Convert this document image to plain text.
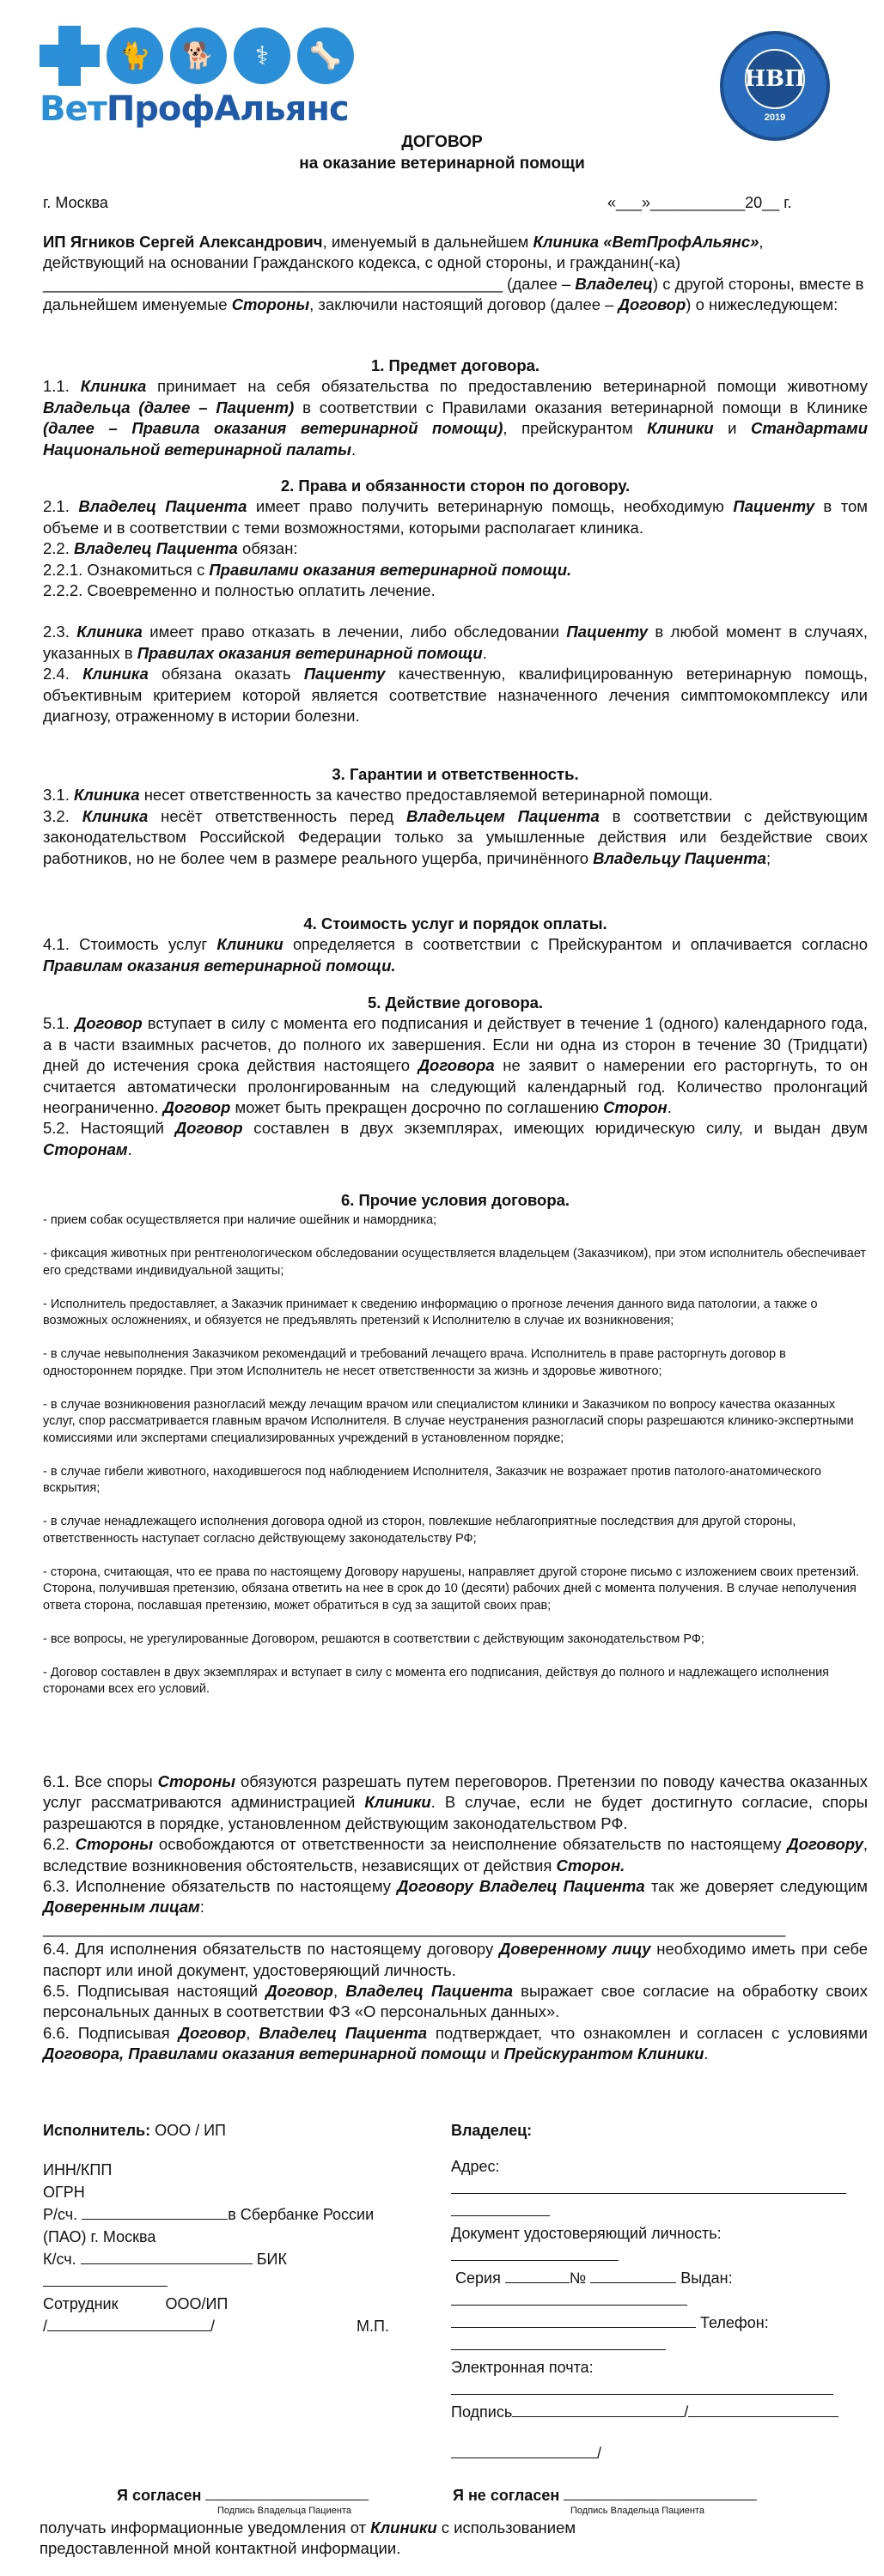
🐈	🐕	⚕	🦴
ВетПрофАльянс
НВП
2019
ДОГОВОР
на оказание ветеринарной помощи
г. Москва	«___»___________20__ г.

ИП Ягников Сергей Александрович, именуемый в дальнейшем Клиника «ВетПрофАльянс», действующий на основании Гражданского кодекса, с одной стороны, и гражданин(-ка) ____________________________________________________ (далее – Владелец) с другой стороны, вместе в дальнейшем именуемые Стороны, заключили настоящий договор (далее – Договор) о нижеследующем:

1. Предмет договора.

1.1. Клиника принимает на себя обязательства по предоставлению ветеринарной помощи животному Владельца (далее – Пациент) в соответствии с Правилами оказания ветеринарной помощи в Клинике (далее – Правила оказания ветеринарной помощи), прейскурантом Клиники и Стандартами Национальной ветеринарной палаты.

2. Права и обязанности сторон по договору.

2.1. Владелец Пациента имеет право получить ветеринарную помощь, необходимую Пациенту в том объеме и в соответствии с теми возможностями, которыми располагает клиника.

2.2. Владелец Пациента обязан:

2.2.1. Ознакомиться с Правилами оказания ветеринарной помощи.

2.2.2. Своевременно и полностью оплатить лечение.

2.3. Клиника имеет право отказать в лечении, либо обследовании Пациенту в любой момент в случаях, указанных в Правилах оказания ветеринарной помощи.

2.4. Клиника обязана оказать Пациенту качественную, квалифицированную ветеринарную помощь, объективным критерием которой является соответствие назначенного лечения симптомокомплексу или диагнозу, отраженному в истории болезни.

3. Гарантии и ответственность.

3.1. Клиника несет ответственность за качество предоставляемой ветеринарной помощи.

3.2. Клиника несёт ответственность перед Владельцем Пациента в соответствии с действующим законодательством Российской Федерации только за умышленные действия или бездействие своих работников, но не более чем в размере реального ущерба, причинённого Владельцу Пациента;

4. Стоимость услуг и порядок оплаты.

4.1. Стоимость услуг Клиники определяется в соответствии с Прейскурантом и оплачивается согласно Правилам оказания ветеринарной помощи.

5. Действие договора.

5.1. Договор вступает в силу с момента его подписания и действует в течение 1 (одного) календарного года, а в части взаимных расчетов, до полного их завершения. Если ни одна из сторон в течение 30 (Тридцати) дней до истечения срока действия настоящего Договора не заявит о намерении его расторгнуть, то он считается автоматически пролонгированным на следующий календарный год. Количество пролонгаций неограниченно. Договор может быть прекращен досрочно по соглашению Сторон.

5.2. Настоящий Договор составлен в двух экземплярах, имеющих юридическую силу, и выдан двум Сторонам.

6. Прочие условия договора.

- прием собак осуществляется при наличие ошейник и намордника;

- фиксация животных при рентгенологическом обследовании осуществляется владельцем (Заказчиком), при этом исполнитель обеспечивает его средствами индивидуальной защиты;

- Исполнитель предоставляет, а Заказчик принимает к сведению информацию о прогнозе лечения данного вида патологии, а также о возможных осложнениях, и обязуется не предъявлять претензий к Исполнителю в случае их возникновения;

- в случае невыполнения Заказчиком рекомендаций и требований лечащего врача. Исполнитель в праве расторгнуть договор в одностороннем порядке. При этом Исполнитель не несет ответственности за жизнь и здоровье животного;

- в случае возникновения разногласий между лечащим врачом или специалистом клиники и Заказчиком по вопросу качества оказанных услуг, спор рассматривается главным врачом Исполнителя. В случае неустранения разногласий споры разрешаются клинико-экспертными комиссиями или экспертами специализированных учреждений в установленном порядке;

- в случае гибели животного, находившегося под наблюдением Исполнителя, Заказчик не возражает против патолого-анатомического вскрытия;

- в случае ненадлежащего исполнения договора одной из сторон, повлекшие неблагоприятные последствия для другой стороны, ответственность наступает согласно действующему законодательству РФ;

- сторона, считающая, что ее права по настоящему Договору нарушены, направляет другой стороне письмо с изложением своих претензий. Сторона, получившая претензию, обязана ответить на нее в срок до 10 (десяти) рабочих дней с момента получения. В случае неполучения ответа сторона, пославшая претензию, может обратиться в суд за защитой своих прав;

- все вопросы, не урегулированные Договором, решаются в соответствии с действующим законодательством РФ;

- Договор составлен в двух экземплярах и вступает в силу с момента его подписания, действуя до полного и надлежащего исполнения сторонами всех его условий.

6.1. Все споры Стороны обязуются разрешать путем переговоров. Претензии по поводу качества оказанных услуг рассматриваются администрацией Клиники. В случае, если не будет достигнуто согласие, споры разрешаются в порядке, установленном действующим законодательством РФ.

6.2. Стороны освобождаются от ответственности за неисполнение обязательств по настоящему Договору, вследствие возникновения обстоятельств, независящих от действия Сторон.

6.3. Исполнение обязательств по настоящему Договору Владелец Пациента так же доверяет следующим Доверенным лицам:

____________________________________________________________________________________

6.4. Для исполнения обязательств по настоящему договору Доверенному лицу необходимо иметь при себе паспорт или иной документ, удостоверяющий личность.

6.5. Подписывая настоящий Договор, Владелец Пациента выражает свое согласие на обработку своих персональных данных в соответствии ФЗ «О персональных данных».

6.6. Подписывая Договор, Владелец Пациента подтверждает, что ознакомлен и согласен с условиями Договора, Правилами оказания ветеринарной помощи и Прейскурантом Клиники.

Исполнитель: ООО / ИП
ИНН/КПП
ОГРН
Р/сч.	в Сбербанке России
(ПАО) г. Москва
К/сч.	БИК
Сотрудник	ООО/ИП
/	/	М.П.
Владелец:
Адрес:
Документ удостоверяющий личность:
Серия	№	Выдан:
Телефон:
Электронная почта:
Подпись	/
/
Я согласен
Подпись Владельца Пациента
Я не согласен
Подпись Владельца Пациента

получать информационные уведомления от Клиники с использованием предоставленной мной контактной информации.
